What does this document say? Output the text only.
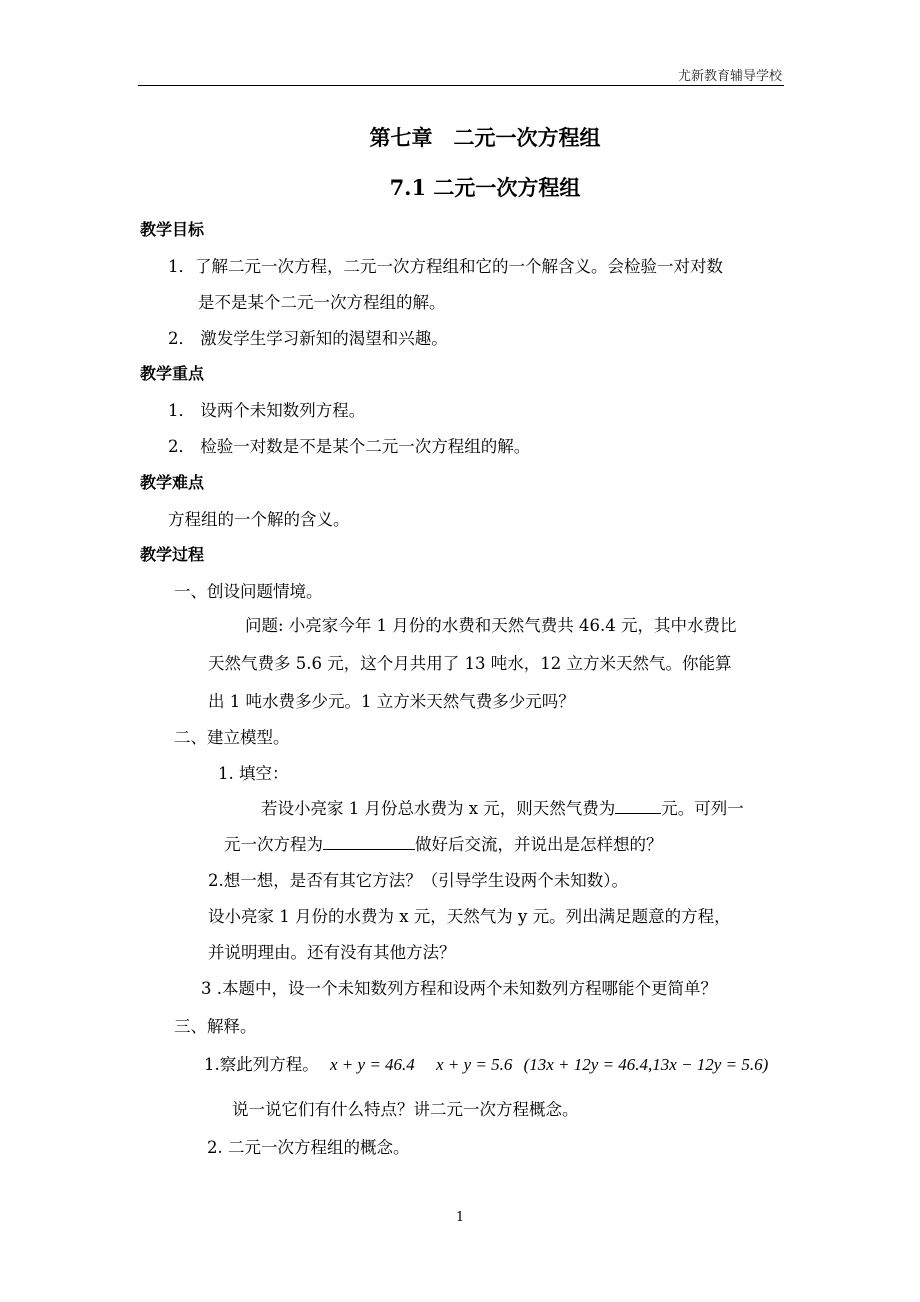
尤新教育辅导学校
第七章　二元一次方程组
7.1 二元一次方程组
教学目标
1．了解二元一次方程，二元一次方程组和它的一个解含义。会检验一对对数
是不是某个二元一次方程组的解。
2． 激发学生学习新知的渴望和兴趣。
教学重点
1． 设两个未知数列方程。
2． 检验一对数是不是某个二元一次方程组的解。
教学难点
方程组的一个解的含义。
教学过程
一、创设问题情境。
问题: 小亮家今年 1 月份的水费和天然气费共 46.4 元，其中水费比
天然气费多 5.6 元，这个月共用了 13 吨水，12 立方米天然气。你能算
出 1 吨水费多少元。1 立方米天然气费多少元吗？
二、建立模型。
1. 填空：
若设小亮家 1 月份总水费为 x 元，则天然气费为	元。可列一
元一次方程为	做好后交流，并说出是怎样想的？
2.想一想，是否有其它方法？（引导学生设两个未知数）。
设小亮家 1 月份的水费为 x 元，天然气为 y 元。列出满足题意的方程，
并说明理由。还有没有其他方法？
3 .本题中，设一个未知数列方程和设两个未知数列方程哪能个更简单？
三、解释。
1.察此列方程。 x + y = 46.4 x + y = 5.6 (13x + 12y = 46.4,13x − 12y = 5.6)
说一说它们有什么特点？讲二元一次方程概念。
2. 二元一次方程组的概念。
1
